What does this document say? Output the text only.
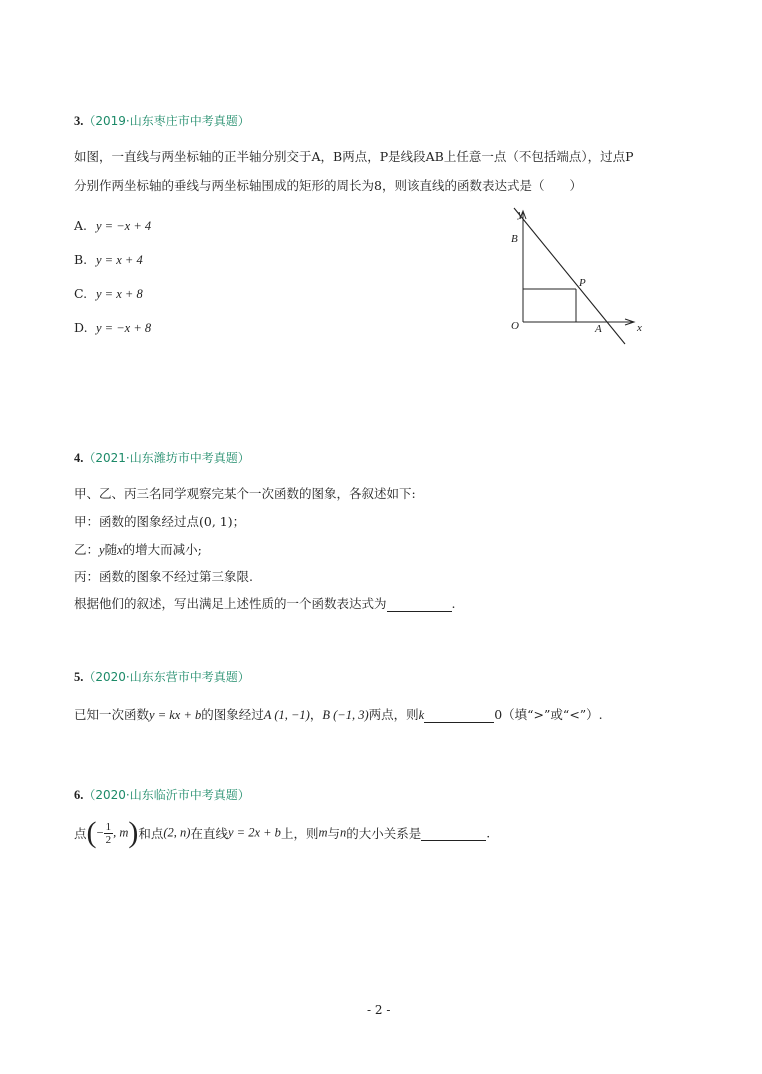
3.（2019·山东枣庄市中考真题）
如图，一直线与两坐标轴的正半轴分别交于A，B两点，P是线段AB上任意一点（不包括端点），过点P
分别作两坐标轴的垂线与两坐标轴围成的矩形的周长为8，则该直线的函数表达式是（　　）
A. y = −x + 4
B. y = x + 4
C. y = x + 8
D. y = −x + 8
y
x
B
P
O	A
4.（2021·山东潍坊市中考真题）
甲、乙、丙三名同学观察完某个一次函数的图象，各叙述如下:
甲：函数的图象经过点(0, 1)；
乙：y随x的增大而减小;
丙：函数的图象不经过第三象限.
根据他们的叙述，写出满足上述性质的一个函数表达式为	.
5.（2020·山东东营市中考真题）
已知一次函数y = kx + b的图象经过A (1, −1)，B (−1, 3)两点，则k	0（填“>”或“<”）.
6.（2020·山东临沂市中考真题）
点(− $\frac{1}{2}$ , m)和点(2, n)在直线y = 2x + b上，则m与n的大小关系是	.
- 2 -
